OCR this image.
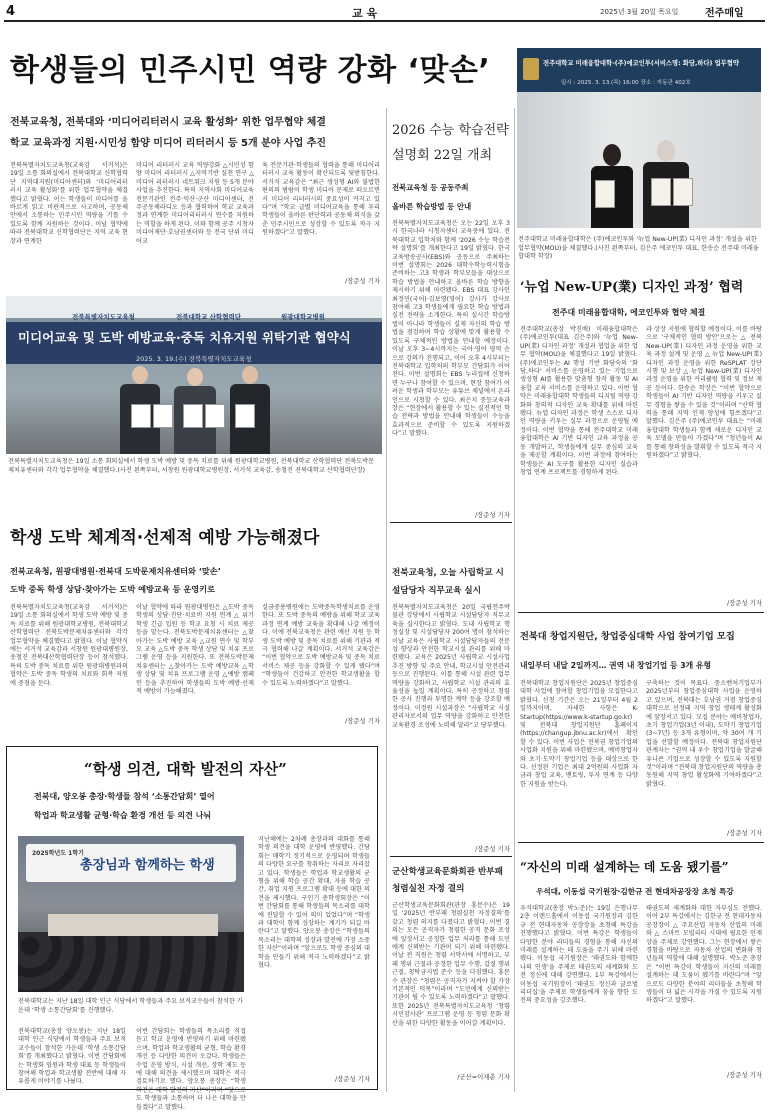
4	교 육	2025년 3월 20일 목요일	전주매일
학생들의 민주시민 역량 강화 ‘맞손’
전북교육청, 전북대와 ‘미디어리터러시 교육 활성화’ 위한 업무협약 체결
학교 교육과정 지원·시민성 함양 미디어 리터러시 등 5개 분야 사업 추진
전북특별자치도교육청(교육감 서거석)은 19일 소통 회의실에서 전북대학교 신학협력단 지역대지원(미디어센터)와 ‘미디어리터러시 교육 활성화’를 위한 업무협약을 체결했다고 밝혔다. 이는 학생들이 미디어를 올바르게 읽고 비판적으로 사고하며, 공동체 안에서 소통하는 민주시민 역량을 기를 수 있도록 함께 지원하는 것이다. 이날 협약에 따라 전북대학교 신학협력단은 지역 교육 현장과 연계한
미디어 리터러시 교육 역량강화 △시민성 함양 미디어 리터러시 △지역기반 실천 연구 △미디어 리터러시 네트워크 지원 등 5개 분야 사업을 추진한다. 특히 지역사회 미디어교육 전문기관인 전주·익산·군산 미디어센터, 전주공동체라디오 등과 협력하여 학교 교육과정과 연계한 미디어리터러시 연수를 지원하는 역할을 하게 된다. 이와 함께 공주 시청자미디어재단·호남권센터와 등 전국 단위 미디어교
육 전문기관·학생들의 협력을 통해 미디어리터러시 교육 활동이 확산되도록 뒷받침한다. 서거석 교육감은 “최근 생성형 AI와 불법한편의의 범람이 학생 미디어 문제로 떠오르면서 미디어 리터러시의 중요성이 커지고 있다”며 “학교 급별 미디어교육을 통해 우리 학생들이 올바른 판단력과 공동체 의식을 갖춘 민주시민으로 성장할 수 있도록 적극 지원하겠다”고 말했다.
/장준성 기자
전북특별자치도교육청	전북대학교 산학협력단	원광대학교병원
미디어교육 및 도박 예방교육·중독 치유지원 위탁기관 협약식
2025. 3. 19.(수) 전북특별자치도교육청
전북특별자치도교육청은 19일 소통 회의실에서 학생 도박 예방 및 중독 치료를 위해 원광대학교병원, 전북대학교 산학협력단 전북도박문제치유센터와 각각 업무협약을 체결했다.(사진 왼쪽부터, 서창원 원광대학교병원장, 서거석 교육감, 송철진 전북대학교 산학협력단장)
학생 도박 체계적·선제적 예방 가능해졌다
전북교육청, 원광대병원·전북대 도박문제치유센터와 ‘맞손’
도박 중독 학생 상담·찾아가는 도박 예방교육 등 운영키로
전북특별자치도교육청(교육감 서거석)은 19일 소통 회의실에서 학생 도박 예방 및 중독 치료를 위해 원광대학교병원, 전북대학교 산학협력단 전북도박문제치유센터와 각각 업무협약을 체결했다고 밝혔다. 이날 협약식에는 서거석 교육감과 서창원 원광대병원장, 송철진 전북대산학협력단장 등이 참석했다. 특히 도박 중독 치료를 위한 원광대병원과의 협약은 도박 중독 학생의 치료와 회복 지원에 중점을 둔다.
이날 협약에 따라 원광대병원은 △도박 중독 학생의 상담·진단·치료비 지원 연계 △ 위기학생 긴급 입원 등 학교 요청 시 치료 제공 등을 맡는다. 전북도박문제치유센터는 △찾아가는 도박 예방 교육 △교원 연수 및 학부모 교육 △도박 중독 학생 상담 및 치유 프로그램 운영 등을 지원한다. 또 전북도박문제치유센터는 △찾아가는 도박 예방교육 △학생 상담 및 치유 프로그램 운영 △예방 캠페인 등을 추진하여 학생들의 도박 예방·선제적 예방이 가능해졌다.
실금중용병원에는 도박중독학생치료를 운영한다. 또 도박 중독의 예방을 위해 학교 교육과정 연계 예방 교육을 확대해 나갈 예정이다. 이에 전북교육청은 관련 예산 지원 등 학생 도박 예방 및 중독 치료를 위해 기관과 적극 협력해 나갈 계획이다. 서거석 교육감은 “이번 협약으로 도박 예방교육 및 중독 치료 서비스 제공 등을 강화할 수 있게 됐다”며 “학생들이 건강하고 안전한 학교생활을 할 수 있도록 노력하겠다”고 말했다.
/장준성 기자
“학생 의견, 대학 발전의 자산”
전북대, 양오봉 총장·학생들 참석 ‘소통간담회’ 열어
학업과 학교생활 균형·학습 환경 개선 등 의견 나눠
2025학년도 1학기
총장님과 함께하는 학생
전북대학교는 지난 18일 대학 인근 식당에서 학생들과 주요 보직교수들이 참석한 가운데 ‘학생 소통간담회’를 진행했다.
지난해에는 2차례 총장과의 대화를 통해 학생 의견을 대학 운영에 반영했다. 간담회는 매학기 정기적으로 운영되며 학생들의 다양한 요구를 청취하는 자리로 자리잡고 있다. 학생들은 학업과 학교생활의 균형을 위해 학습 공간 확대, 자율 학습 공간, 취업 지원 프로그램 확대 등에 대한 의견을 제시했다. 구인기 총학생회장은 “이번 간담회를 통해 학생들의 목소리를 대학에 전달할 수 있어 의미 있었다”며 “학생과 대학이 함께 성장하는 계기가 되길 바란다”고 말했다. 양오봉 총장은 “학생들의 목소리는 대학의 성장과 발전에 가장 소중한 자산”이라며 “앞으로도 학생 중심의 대학을 만들기 위해 적극 노력하겠다”고 밝혔다.
전북대학교(총장 양오봉)는 지난 18일 대학 인근 식당에서 학생들과 주요 보직교수들이 참석한 가운데 ‘학생 소통간담회’를 개최했다고 밝혔다. 이번 간담회에는 학생회 임원과 학생 대표 등 학생들이 참여해 학업과 학교생활 전반에 대해 자유롭게 이야기를 나눴다.
이번 간담회는 학생들의 목소리를 직접 듣고 학교 운영에 반영하기 위해 마련됐으며, 학업과 학교생활의 균형, 학습 환경 개선 등 다양한 의견이 오갔다. 학생들은 수업 운영 방식, 시설 개선, 장학 제도 등에 대해 의견을 제시했으며 대학은 적극 검토하기로 했다. 양오봉 총장은 “학생 의견은 대학 발전의 자산”이라며 “앞으로도 학생들과 소통하며 더 나은 대학을 만들겠다”고 말했다.
/장준성 기자
2026 수능 학습전략 설명회 22일 개최
전북교육청 등 공동주최
올바른 학습방법 등 안내
전북특별자치도교육청은 오는 22일 오후 3시 한국나라 시청자센터 교육중에 있다. 전북대학교 입학처와 함께 ‘2026 수능 학습전략 설명회’를 개최한다고 19일 밝혔다. 한국교육방송공사(EBS)와 공동으로 주최하는 이번 설명회는 2026 대학수학능력시험을 준비하는 고3 학생과 학부모들을 대상으로 학습 방법을 안내하고 올바른 학습 방향을 제시하기 위해 마련됐다. EBS 대표 강사인 최정민(국어)·김보영(영어) 강사가 강사로 참여해 고3 학생들에게 필요한 학습 방법과 실전 전략을 소개한다. 특히 실시간 학습방법이 아니라 학생들이 실제 자신의 학습 방법을 점검하며 학습 상황에 맞게 활용할 수 있도록 구체적인 방법을 안내할 예정이다. 이날 오후 3~4시까지는 국어·영어 영역 순으로 강의가 진행되고, 이어 오후 4시부터는 전북대학교 입학처의 학부모 간담회가 이어진다. 이번 설명회는 EBS 누리집에 신청하면 누구나 참여할 수 있으며, 현장 참여가 어려운 학생과 학부모는 유튜브 채널에서 온라인으로 시청할 수 있다. 최은지 중등교육과장은 “현장에서 활용할 수 있는 실전적인 학습 전략과 방법을 안내해 학생들이 수능을 효과적으로 준비할 수 있도록 지원하겠다”고 말했다.
/장준성 기자
전북교육청, 오늘 사립학교 시설담당자 직무교육 실시
전북특별자치도교육청은 20일 국립전주박물관 강당에서 사립학교 시설담당자 직무교육을 실시한다고 밝혔다. 도내 사립학교 행정실장 및 시설담당자 200여 명이 참석하는 이날 교육은 사립학교 시설담당자들의 전문성 향상과 안전한 학교시설 관리를 위해 마련됐다. 교육은 2025년 사립학교 시설사업 추진 방향 및 주요 안내, 학교시설 안전관리 등으로 진행된다. 이를 통해 시설 관련 업무 역량을 강화하고, 사립학교 시설 관리의 효율성을 높일 계획이다. 특히 공정하고 청렴한 공사 진행과 투명한 계약 등을 강조할 예정이다. 이정원 시설과장은 “사립학교 시설관리자로서의 업무 역량을 강화하고 안전한 교육환경 조성에 노력해 달라”고 당부했다.
/장준성 기자
군산학생교육문화회관 반부패 청렴실천 자정 결의
군산학생교육문화회관(관장 홍문수)은 19일 ‘2025년 반부패 청렴실천 자정결의’를 갖고 청렴 의지를 다졌다고 밝혔다. 이번 결의는 모든 공직자가 청렴한 공직 문화 조성에 앞장서고 공정한 업무 처리를 통해 도민에게 신뢰받는 기관이 되기 위해 마련됐다. 이날 전 직원은 청렴 서약서에 서명하고, 부패 행위 근절과 공정한 업무 수행, 갑질 행위 근절, 청탁금지법 준수 등을 다짐했다. 홍문수 관장은 “청렴은 공직자가 지켜야 할 가장 기본적인 덕목”이라며 “도민에게 신뢰받는 기관이 될 수 있도록 노력하겠다”고 말했다. 또한 2025년 전북특별자치도교육청 ‘청렴 시민감사관’ 프로그램 운영 등 청렴 문화 확산을 위한 다양한 활동을 이어갈 계획이다.
/군산=이재춘 기자
전주대학교 미래융합대학-(주)에코인투(서비스명: 화담,하다) 업무협약
일시 : 2025. 3. 13.(목) 16:00 장소 : 자동관 402호
전주대학교 미래융합대학은 (주)에코인투와 ‘뉴업 New-UP(業) 디자인 과정’ 개설을 위한 업무협약(MOU)을 체결했다.(사진 왼쪽부터, 김은주 에코인투 대표, 한송순 전주대 미래융합대학 학장)
‘뉴업 New-UP(業) 디자인 과정’ 협력
전주대 미래융합대학, 에코인투와 협약 체결
전주대학교(총장 박진배) 미래융합대학은 (주)에코인투(대표 김은주)와 ‘뉴업 New-UP(業) 디자인 과정’ 개설과 협업을 위한 업무 협약(MOU)을 체결했다고 19일 밝혔다. (주)에코인투는 AI 행성 기반 화담숙의 ‘화담,하다’ 서비스를 운영하고 있는 기업으로 생성형 AI를 활용한 맞춤형 창작 활동 및 AI 융합 교육 서비스를 운영하고 있다. 이번 협약은 미래융합대학 학생들의 디지털 역량 강화와 창의적 디자인 교육 확대를 위해 마련됐다. 뉴업 디자인 과정은 학생 스스로 디자인 역량을 키우는 실무 과정으로 운영될 예정이다. 이번 협약을 통해 전주대학교 미래융합대학은 AI 기반 디자인 교육 과정을 공동 개발하고, 학생들에게 실무 중심의 교육을 제공할 계획이다. 이번 과정에 참여하는 학생들은 AI 도구를 활용한 디자인 실습과 창업 연계 프로젝트를 경험하게 된다.
과 상장 지원에 협력할 예정이다. 이를 바탕으로 ‘구체적인 협력 방안’으로는 △ 전북 New-UP(業) 디자인 과정 운영을 위한 교육 과정 설계 및 운영 △ 뉴업 New-UP(業) 디자인 과정 운영을 위한 ReSPLAT 강단 시행 및 보상 △ 뉴업 New-UP(業) 디자인 과정 운영을 위한 커리큘럼 협력 및 정보 제공 등이다. 한송순 학장은 “이번 협약으로 학생들이 AI 기반 디자인 역량을 키우고 실무 경험을 쌓을 수 있을 것”이라며 “산학 협력을 통해 지역 인재 양성에 힘쓰겠다”고 말했다. 김은주 (주)에코인투 대표는 “미래융합대학 학생들과 함께 새로운 디자인 교육 모델을 만들어 가겠다”며 “청년들이 AI를 통해 창의성을 발휘할 수 있도록 적극 지원하겠다”고 밝혔다.
/장준성 기자
전북대 창업지원단, 창업중심대학 사업 참여기업 모집
내일부터 내달 2일까지… 권역 내 창업기업 등 3개 유형
전북대학교 창업지원단은 2025년 창업중심대학 사업에 참여할 창업기업을 모집한다고 밝혔다. 신청 기간은 오는 21일부터 4월 2일까지이며, 자세한 사항은 K-Startup(https://www.k-startup.go.kr) 및 전북대 창업지원단 홈페이지(https://changup.jbnu.ac.kr)에서 확인할 수 있다. 이번 사업은 전북권 창업기업의 사업화 지원을 위해 마련됐으며, 예비창업자와 초기·도약기 창업기업 등을 대상으로 한다. 선정된 기업은 최대 2억원의 사업화 자금과 창업 교육, 멘토링, 투자 연계 등 다양한 지원을 받는다.
구축하는 것이 목표다. 중소벤처기업부가 2025년부터 창업중심대학 사업을 운영하고 있으며, 전북대는 호남권 거점 창업중심대학으로 선정돼 지역 창업 생태계 활성화에 앞장서고 있다. 모집 분야는 예비창업자, 초기 창업기업(3년 이내), 도약기 창업기업(3~7년) 등 3개 유형이며, 약 30여 개 기업을 선발할 예정이다. 전북대 창업지원단 관계자는 “권역 내 우수 창업기업을 발굴해 유니콘 기업으로 성장할 수 있도록 지원할 것”이라며 “전북대 창업지원단의 역량을 총동원해 지역 창업 활성화에 기여하겠다”고 밝혔다.
/장준성 기자
“자신의 미래 설계하는 데 도움 됐기를”
우석대, 이동섭 국기원장·김한규 전 현대차공장장 초청 특강
우석대학교(총장 박노준)는 19일 은행나무 2층 이랜드홀에서 이동섭 국기원장과 김한규 전 현대자동차 공장장을 초청해 특강을 진행했다고 밝혔다. 이번 특강은 학생들이 다양한 분야 리더들의 경험을 통해 자신의 미래를 설계하는 데 도움을 주기 위해 마련됐다. 이동섭 국기원장은 ‘태권도와 함께한 나의 인생’을 주제로 태권도의 세계화와 도전 정신에 대해 강연했다. 1부 특강에서는 이동섭 국기원장이 ‘태권도 정신과 글로벌 리더십’을 주제로 학생들에게 꿈을 향한 도전의 중요성을 강조했다.
태권도의 세계화와 대한 자부심도 전했다. 이어 2부 특강에서는 김한규 전 현대자동차 공장장이 △ 주요산업 자동차 산업의 미래와 △ 스마트 모빌리티 시대에 필요한 인재상을 주제로 강연했다. 그는 현장에서 쌓은 경험을 바탕으로 자동차 산업의 변화와 청년들의 역할에 대해 설명했다. 박노준 총장은 “이번 특강이 학생들이 자신의 미래를 설계하는 데 도움이 됐기를 바란다”며 “앞으로도 다양한 분야의 리더들을 초청해 학생들이 더 넓은 시각을 가질 수 있도록 지원하겠다”고 말했다.
/장준성 기자
